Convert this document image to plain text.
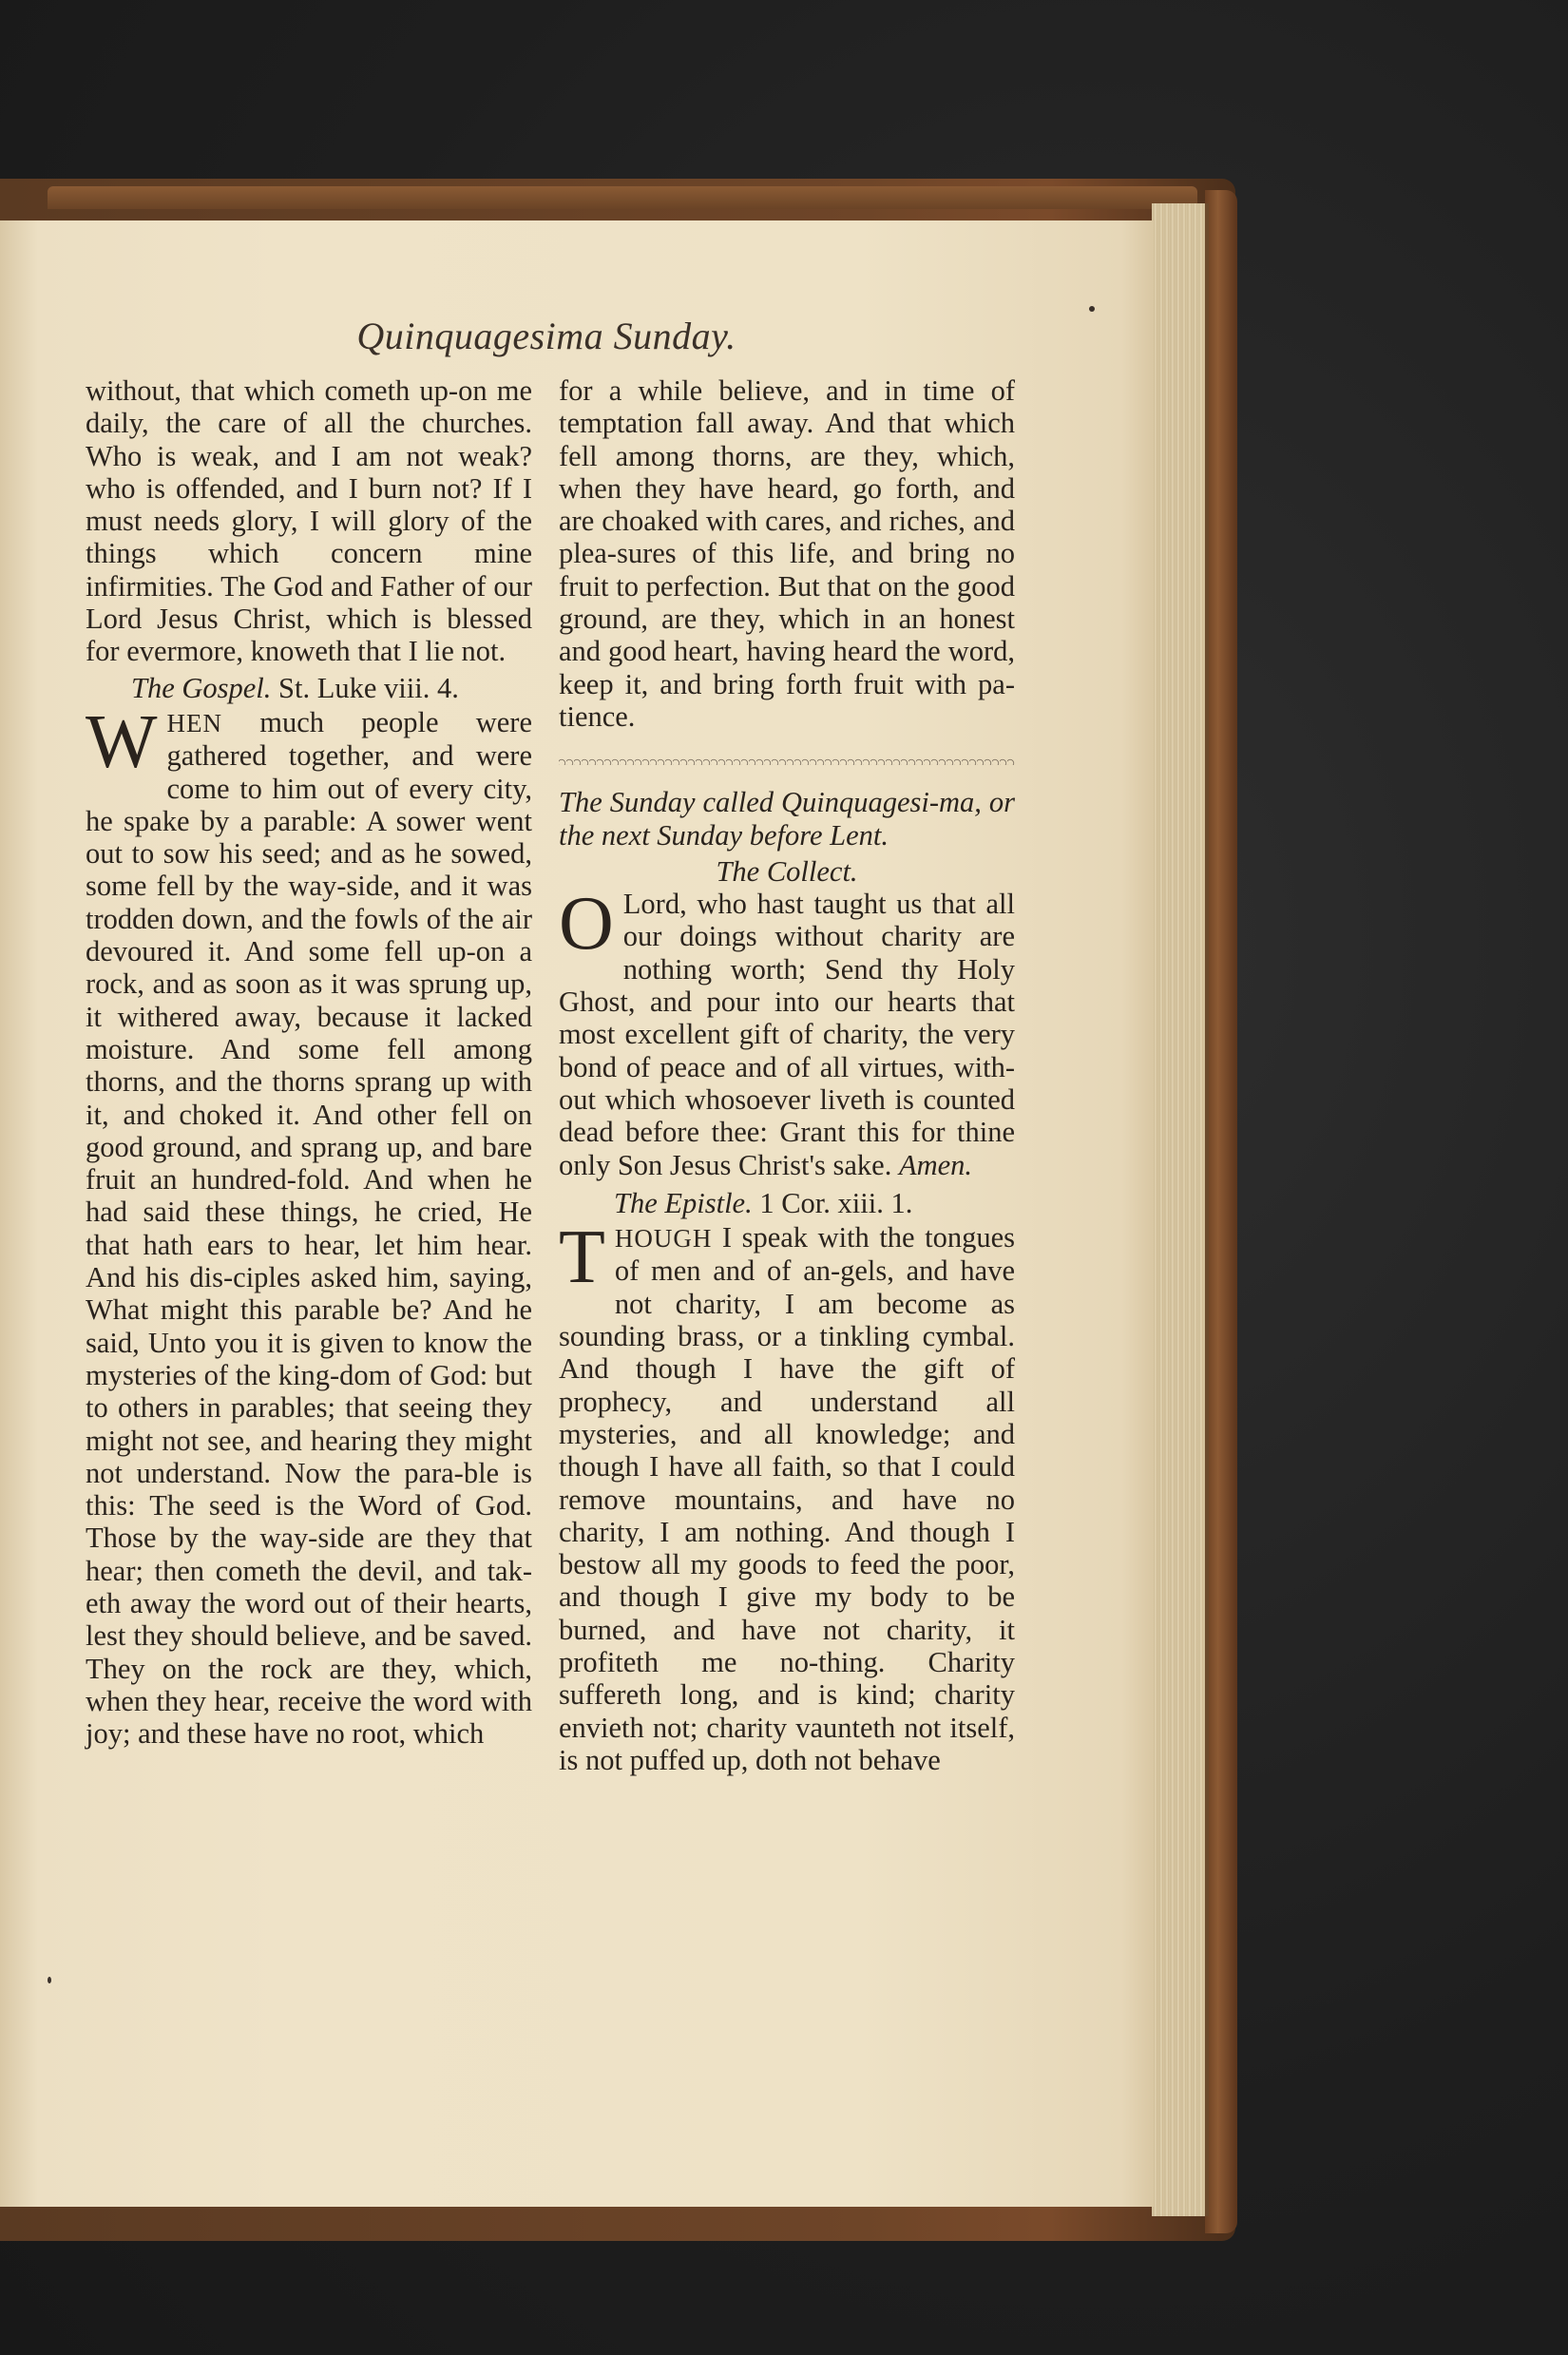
Quinquagesima Sunday.

without, that which cometh up-on me daily, the care of all the churches. Who is weak, and I am not weak? who is offended, and I burn not? If I must needs glory, I will glory of the things which concern mine infirmities. The God and Father of our Lord Jesus Christ, which is blessed for evermore, knoweth that I lie not.

The Gospel. St. Luke viii. 4.

WHEN much people were gathered together, and were come to him out of every city, he spake by a parable: A sower went out to sow his seed; and as he sowed, some fell by the way-side, and it was trodden down, and the fowls of the air devoured it. And some fell up-on a rock, and as soon as it was sprung up, it withered away, because it lacked moisture. And some fell among thorns, and the thorns sprang up with it, and choked it. And other fell on good ground, and sprang up, and bare fruit an hundred-fold. And when he had said these things, he cried, He that hath ears to hear, let him hear. And his dis-ciples asked him, saying, What might this parable be? And he said, Unto you it is given to know the mysteries of the king-dom of God: but to others in parables; that seeing they might not see, and hearing they might not understand. Now the para-ble is this: The seed is the Word of God. Those by the way-side are they that hear; then cometh the devil, and tak-eth away the word out of their hearts, lest they should believe, and be saved. They on the rock are they, which, when they hear, receive the word with joy; and these have no root, which

for a while believe, and in time of temptation fall away. And that which fell among thorns, are they, which, when they have heard, go forth, and are choaked with cares, and riches, and plea-sures of this life, and bring no fruit to perfection. But that on the good ground, are they, which in an honest and good heart, having heard the word, keep it, and bring forth fruit with pa-tience.

The Sunday called Quinquagesi-ma, or the next Sunday before Lent.

The Collect.

O Lord, who hast taught us that all our doings without charity are nothing worth; Send thy Holy Ghost, and pour into our hearts that most excellent gift of charity, the very bond of peace and of all virtues, with-out which whosoever liveth is counted dead before thee: Grant this for thine only Son Jesus Christ's sake. Amen.

The Epistle. 1 Cor. xiii. 1.

THOUGH I speak with the tongues of men and of an-gels, and have not charity, I am become as sounding brass, or a tinkling cymbal. And though I have the gift of prophecy, and understand all mysteries, and all knowledge; and though I have all faith, so that I could remove mountains, and have no charity, I am nothing. And though I bestow all my goods to feed the poor, and though I give my body to be burned, and have not charity, it profiteth me no-thing. Charity suffereth long, and is kind; charity envieth not; charity vaunteth not itself, is not puffed up, doth not behave
